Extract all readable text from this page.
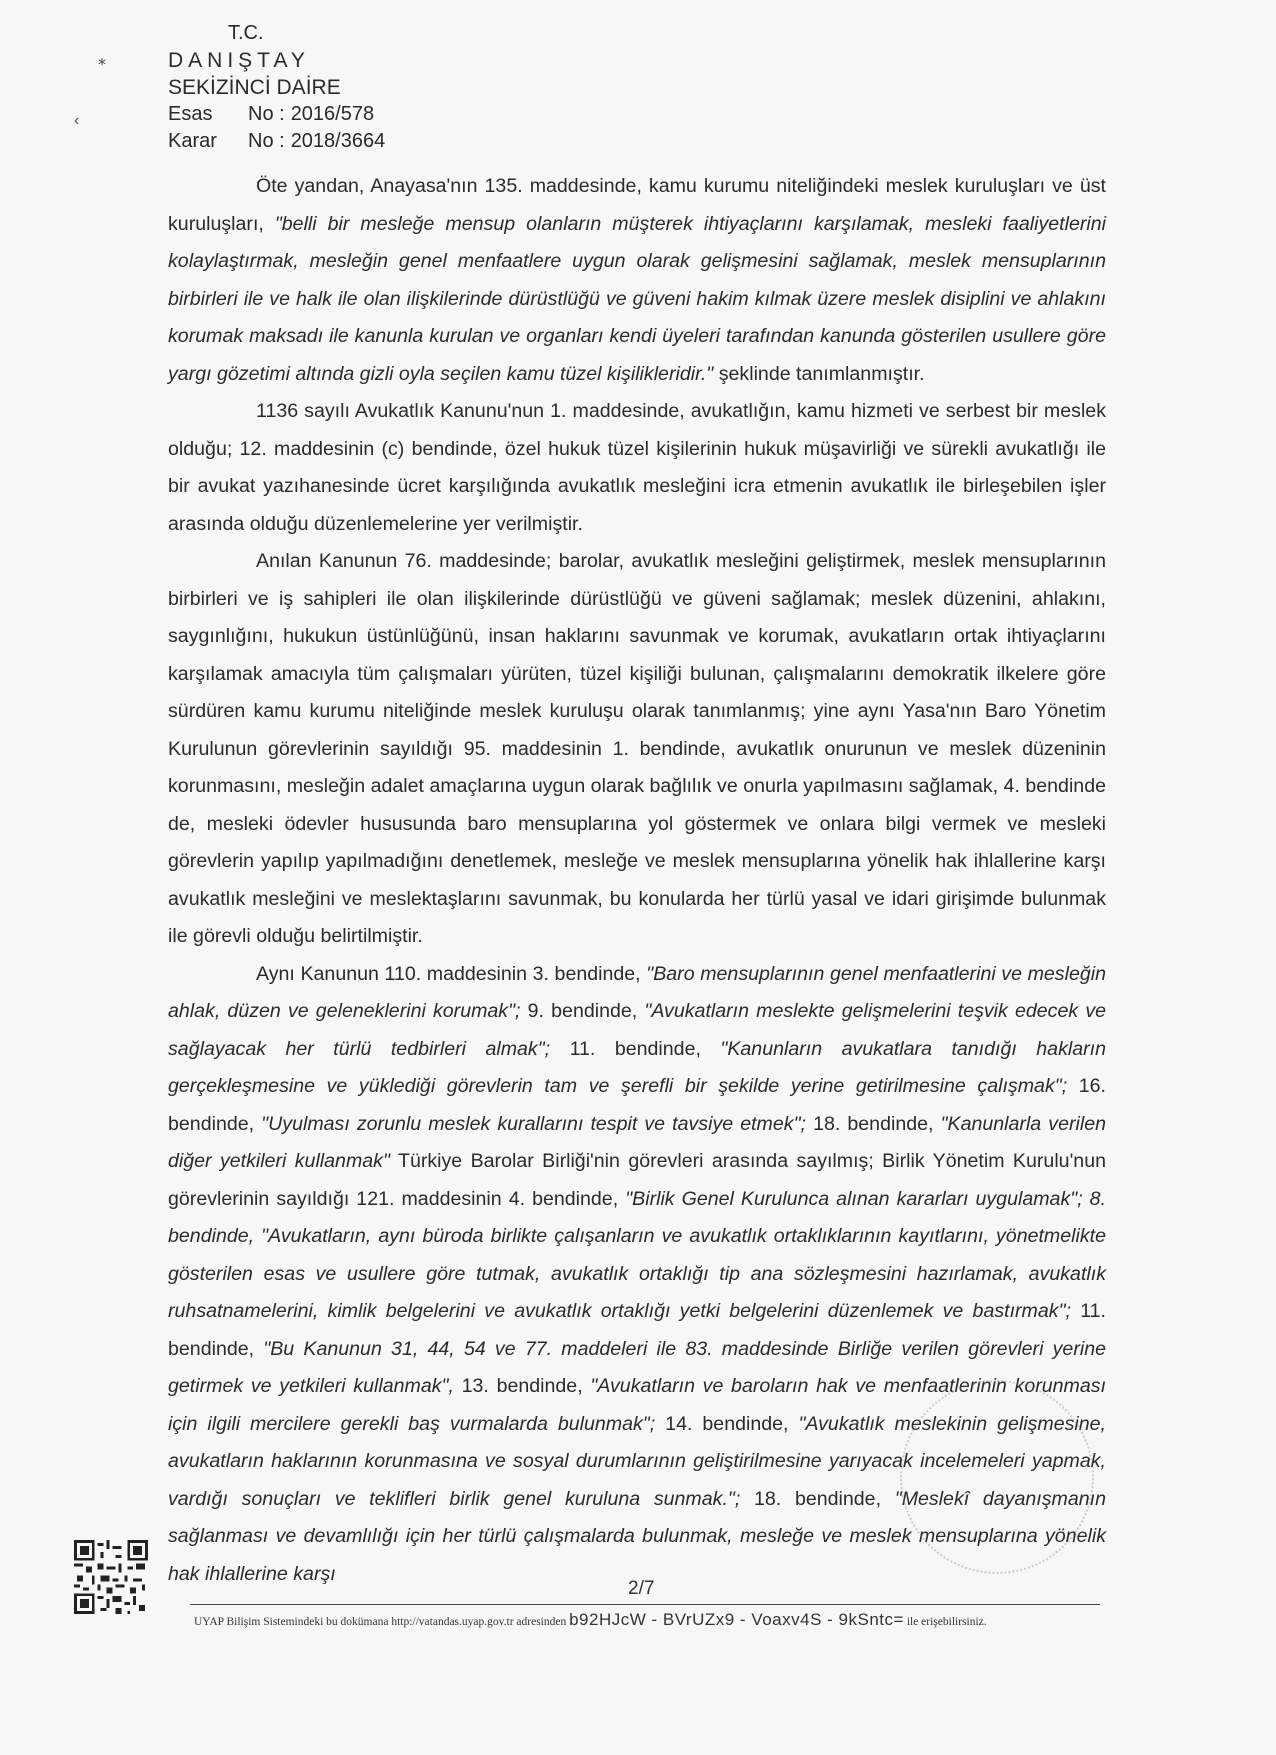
⁎
‹
T.C.
DANIŞTAY
SEKİZİNCİ DAİRE
Esas	No : 2016/578
Karar	No : 2018/3664

Öte yandan, Anayasa'nın 135. maddesinde, kamu kurumu niteliğindeki meslek kuruluşları ve üst kuruluşları, "belli bir mesleğe mensup olanların müşterek ihtiyaçlarını karşılamak, mesleki faaliyetlerini kolaylaştırmak, mesleğin genel menfaatlere uygun olarak gelişmesini sağlamak, meslek mensuplarının birbirleri ile ve halk ile olan ilişkilerinde dürüstlüğü ve güveni hakim kılmak üzere meslek disiplini ve ahlakını korumak maksadı ile kanunla kurulan ve organları kendi üyeleri tarafından kanunda gösterilen usullere göre yargı gözetimi altında gizli oyla seçilen kamu tüzel kişilikleridir." şeklinde tanımlanmıştır.

1136 sayılı Avukatlık Kanunu'nun 1. maddesinde, avukatlığın, kamu hizmeti ve serbest bir meslek olduğu; 12. maddesinin (c) bendinde, özel hukuk tüzel kişilerinin hukuk müşavirliği ve sürekli avukatlığı ile bir avukat yazıhanesinde ücret karşılığında avukatlık mesleğini icra etmenin avukatlık ile birleşebilen işler arasında olduğu düzenlemelerine yer verilmiştir.

Anılan Kanunun 76. maddesinde; barolar, avukatlık mesleğini geliştirmek, meslek mensuplarının birbirleri ve iş sahipleri ile olan ilişkilerinde dürüstlüğü ve güveni sağlamak; meslek düzenini, ahlakını, saygınlığını, hukukun üstünlüğünü, insan haklarını savunmak ve korumak, avukatların ortak ihtiyaçlarını karşılamak amacıyla tüm çalışmaları yürüten, tüzel kişiliği bulunan, çalışmalarını demokratik ilkelere göre sürdüren kamu kurumu niteliğinde meslek kuruluşu olarak tanımlanmış; yine aynı Yasa'nın Baro Yönetim Kurulunun görevlerinin sayıldığı 95. maddesinin 1. bendinde, avukatlık onurunun ve meslek düzeninin korunmasını, mesleğin adalet amaçlarına uygun olarak bağlılık ve onurla yapılmasını sağlamak, 4. bendinde de, mesleki ödevler hususunda baro mensuplarına yol göstermek ve onlara bilgi vermek ve mesleki görevlerin yapılıp yapılmadığını denetlemek, mesleğe ve meslek mensuplarına yönelik hak ihlallerine karşı avukatlık mesleğini ve meslektaşlarını savunmak, bu konularda her türlü yasal ve idari girişimde bulunmak ile görevli olduğu belirtilmiştir.

Aynı Kanunun 110. maddesinin 3. bendinde, "Baro mensuplarının genel menfaatlerini ve mesleğin ahlak, düzen ve geleneklerini korumak"; 9. bendinde, "Avukatların meslekte gelişmelerini teşvik edecek ve sağlayacak her türlü tedbirleri almak"; 11. bendinde, "Kanunların avukatlara tanıdığı hakların gerçekleşmesine ve yüklediği görevlerin tam ve şerefli bir şekilde yerine getirilmesine çalışmak"; 16. bendinde, "Uyulması zorunlu meslek kurallarını tespit ve tavsiye etmek"; 18. bendinde, "Kanunlarla verilen diğer yetkileri kullanmak" Türkiye Barolar Birliği'nin görevleri arasında sayılmış; Birlik Yönetim Kurulu'nun görevlerinin sayıldığı 121. maddesinin 4. bendinde, "Birlik Genel Kurulunca alınan kararları uygulamak"; 8. bendinde, "Avukatların, aynı büroda birlikte çalışanların ve avukatlık ortaklıklarının kayıtlarını, yönetmelikte gösterilen esas ve usullere göre tutmak, avukatlık ortaklığı tip ana sözleşmesini hazırlamak, avukatlık ruhsatnamelerini, kimlik belgelerini ve avukatlık ortaklığı yetki belgelerini düzenlemek ve bastırmak"; 11. bendinde, "Bu Kanunun 31, 44, 54 ve 77. maddeleri ile 83. maddesinde Birliğe verilen görevleri yerine getirmek ve yetkileri kullanmak", 13. bendinde, "Avukatların ve baroların hak ve menfaatlerinin korunması için ilgili mercilere gerekli baş vurmalarda bulunmak"; 14. bendinde, "Avukatlık meslekinin gelişmesine, avukatların haklarının korunmasına ve sosyal durumlarının geliştirilmesine yarıyacak incelemeleri yapmak, vardığı sonuçları ve teklifleri birlik genel kuruluna sunmak."; 18. bendinde, "Meslekî dayanışmanın sağlanması ve devamlılığı için her türlü çalışmalarda bulunmak, mesleğe ve meslek mensuplarına yönelik hak ihlallerine karşı

2/7
UYAP Bilişim Sistemindeki bu dokümana http://vatandas.uyap.gov.tr adresinden b92HJcW - BVrUZx9 - Voaxv4S - 9kSntc= ile erişebilirsiniz.
